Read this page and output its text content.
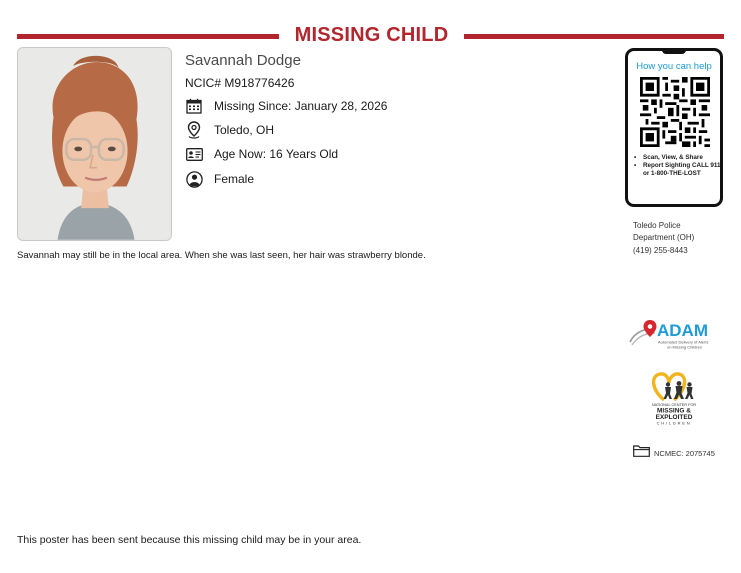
MISSING CHILD
Savannah Dodge
NCIC# M918776426
Missing Since: January 28, 2026
Toledo, OH
Age Now: 16 Years Old
Female
Savannah may still be in the local area. When she was last seen, her hair was strawberry blonde.
How you can help
• Scan, View, & Share
• Report Sighting CALL 911 or 1-800-THE-LOST
Toledo Police
Department (OH)
(419) 255-8443
ADAM
Automated Delivery of Alerts
on Missing Children
NATIONAL CENTER FOR
MISSING &
EXPLOITED
CHILDREN
NCMEC: 2075745
This poster has been sent because this missing child may be in your area.
